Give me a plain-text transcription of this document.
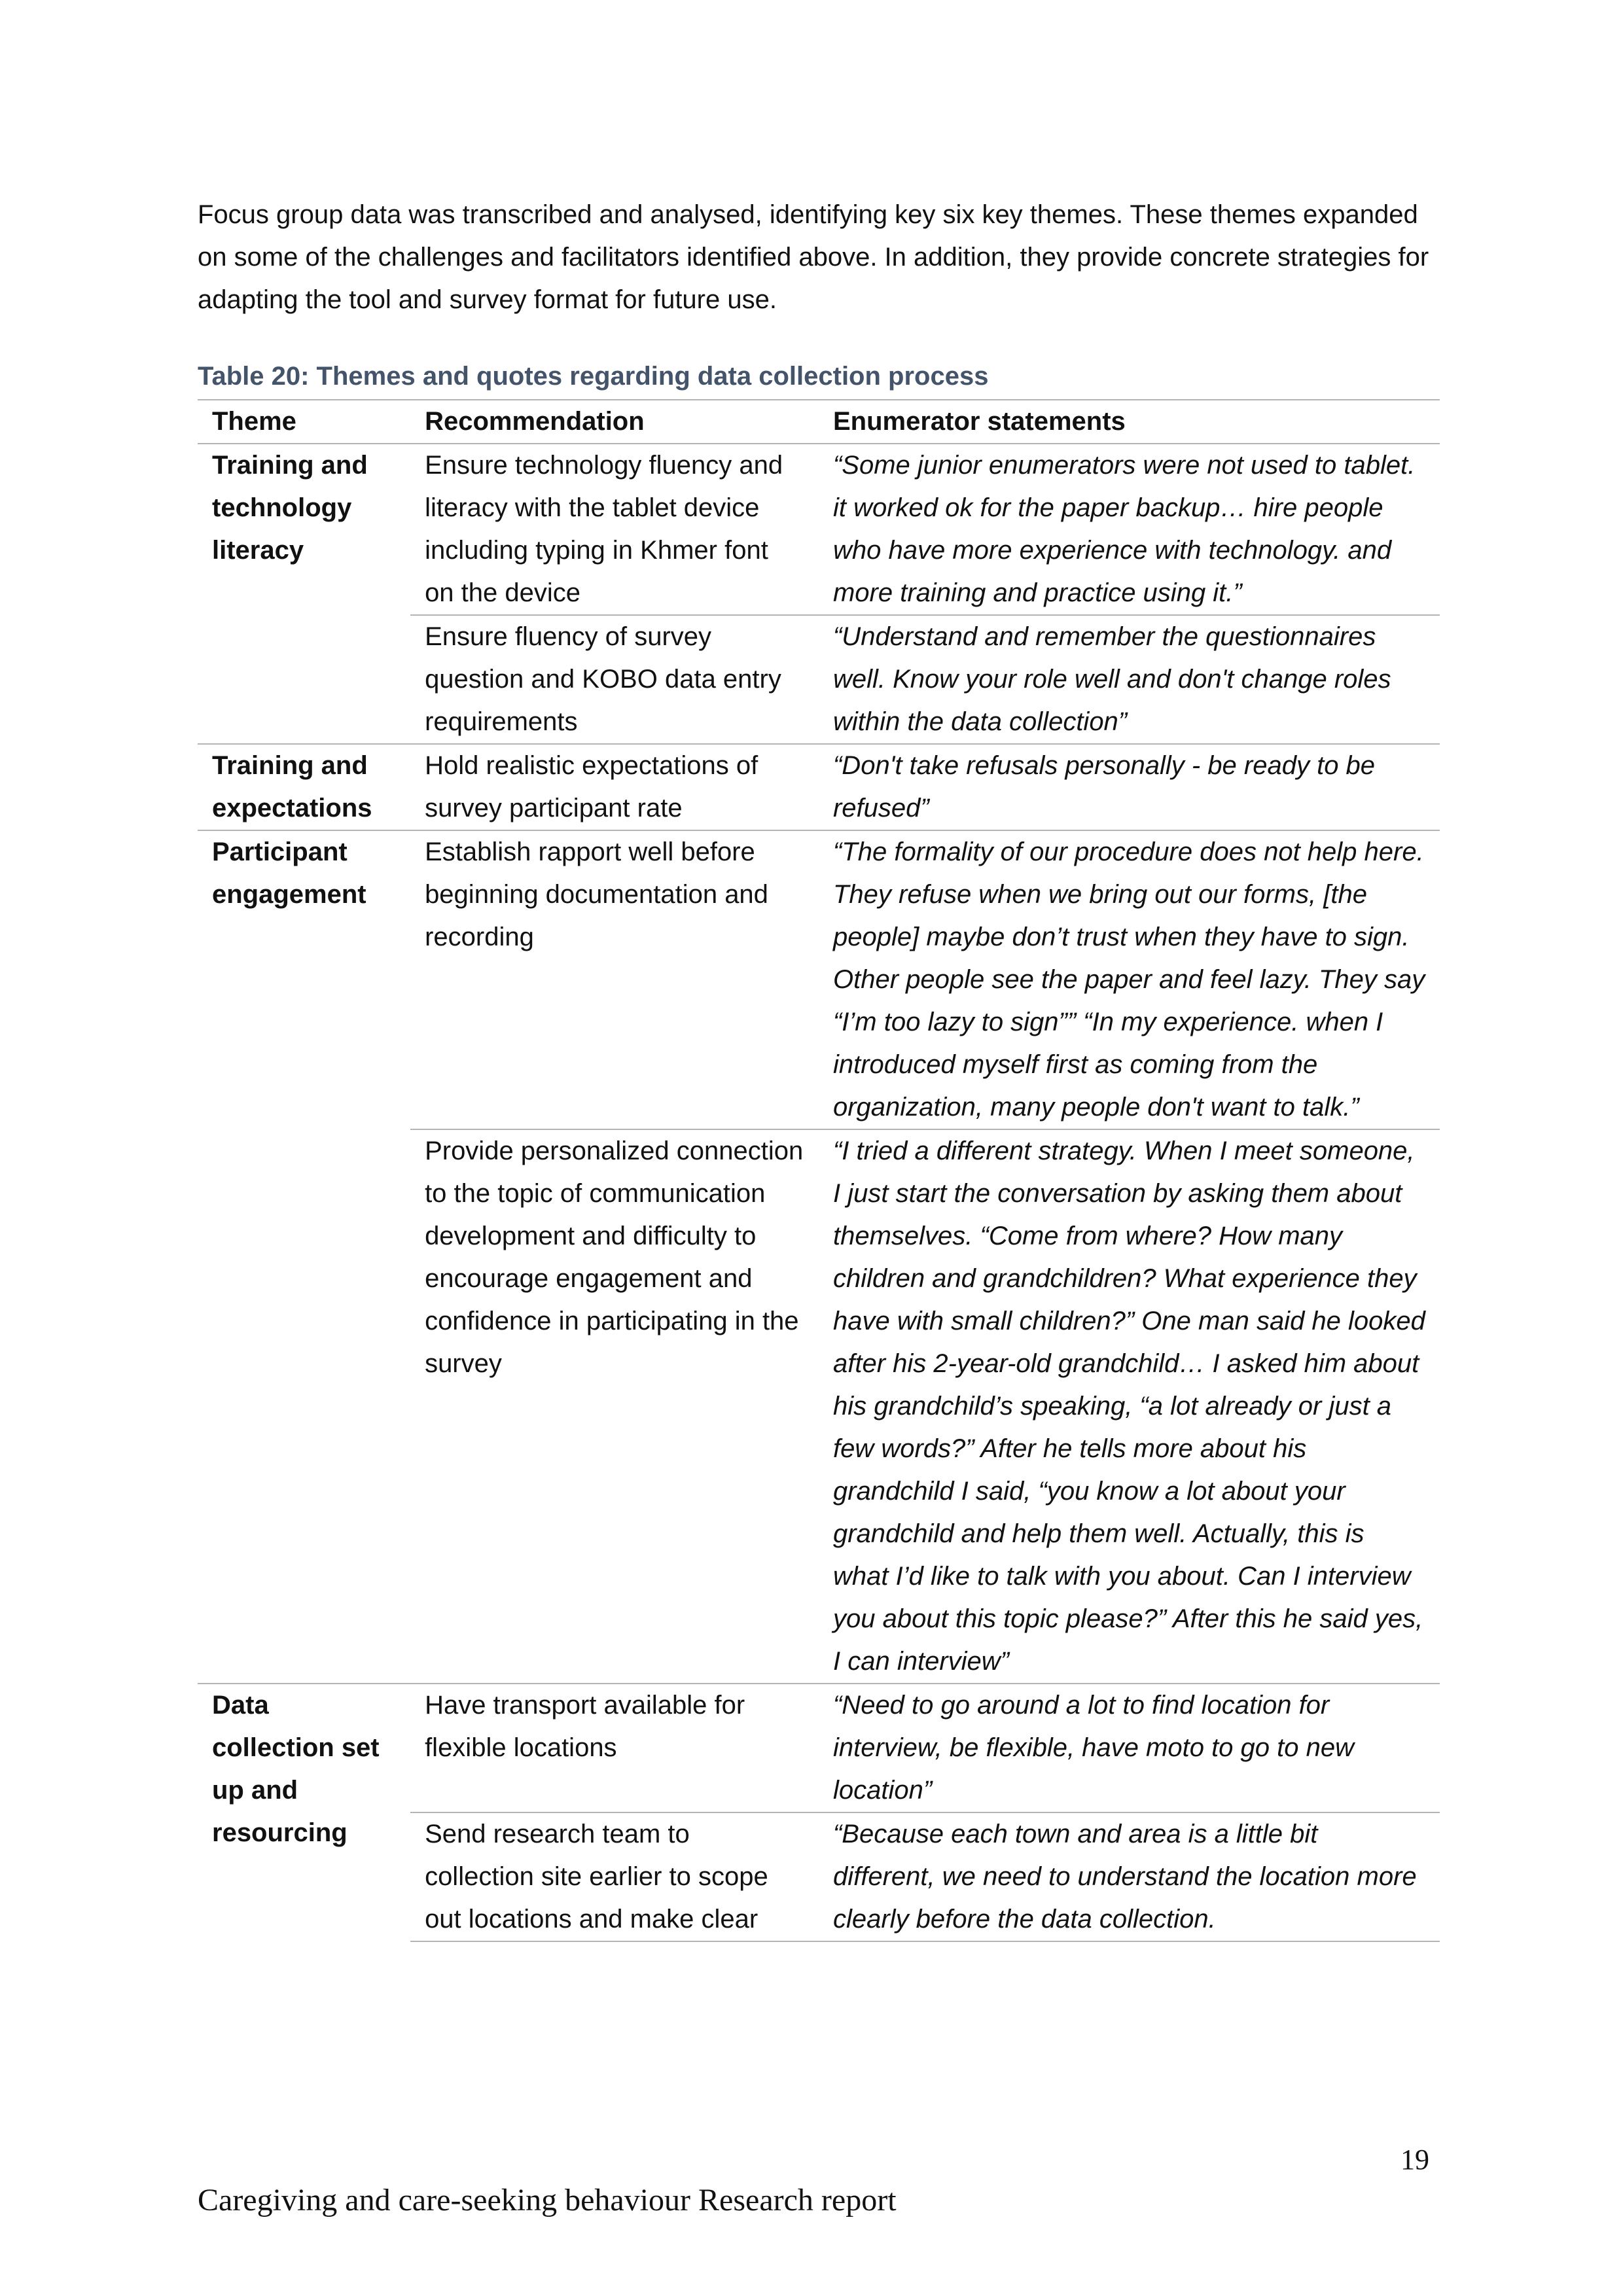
Focus group data was transcribed and analysed, identifying key six key themes. These themes expanded on some of the challenges and facilitators identified above. In addition, they provide concrete strategies for adapting the tool and survey format for future use.

Table 20: Themes and quotes regarding data collection process

Theme	Recommendation	Enumerator statements
Training and technology literacy	Ensure technology fluency and literacy with the tablet device including typing in Khmer font on the device	“Some junior enumerators were not used to tablet. it worked ok for the paper backup… hire people who have more experience with technology. and more training and practice using it.”
	Ensure fluency of survey question and KOBO data entry requirements	“Understand and remember the questionnaires well. Know your role well and don't change roles within the data collection”
Training and expectations	Hold realistic expectations of survey participant rate	“Don't take refusals personally - be ready to be refused”
Participant engagement	Establish rapport well before beginning documentation and recording	“The formality of our procedure does not help here. They refuse when we bring out our forms, [the people] maybe don’t trust when they have to sign. Other people see the paper and feel lazy. They say “I’m too lazy to sign”” “In my experience. when I introduced myself first as coming from the organization, many people don't want to talk.”
	Provide personalized connection to the topic of communication development and difficulty to encourage engagement and confidence in participating in the survey	“I tried a different strategy. When I meet someone, I just start the conversation by asking them about themselves. “Come from where? How many children and grandchildren? What experience they have with small children?” One man said he looked after his 2-year-old grandchild… I asked him about his grandchild’s speaking, “a lot already or just a few words?” After he tells more about his grandchild I said, “you know a lot about your grandchild and help them well. Actually, this is what I’d like to talk with you about. Can I interview you about this topic please?” After this he said yes, I can interview”
Data collection set up and resourcing	Have transport available for flexible locations	“Need to go around a lot to find location for interview, be flexible, have moto to go to new location”
	Send research team to collection site earlier to scope out locations and make clear	“Because each town and area is a little bit different, we need to understand the location more clearly before the data collection.

19

Caregiving and care-seeking behaviour Research report
